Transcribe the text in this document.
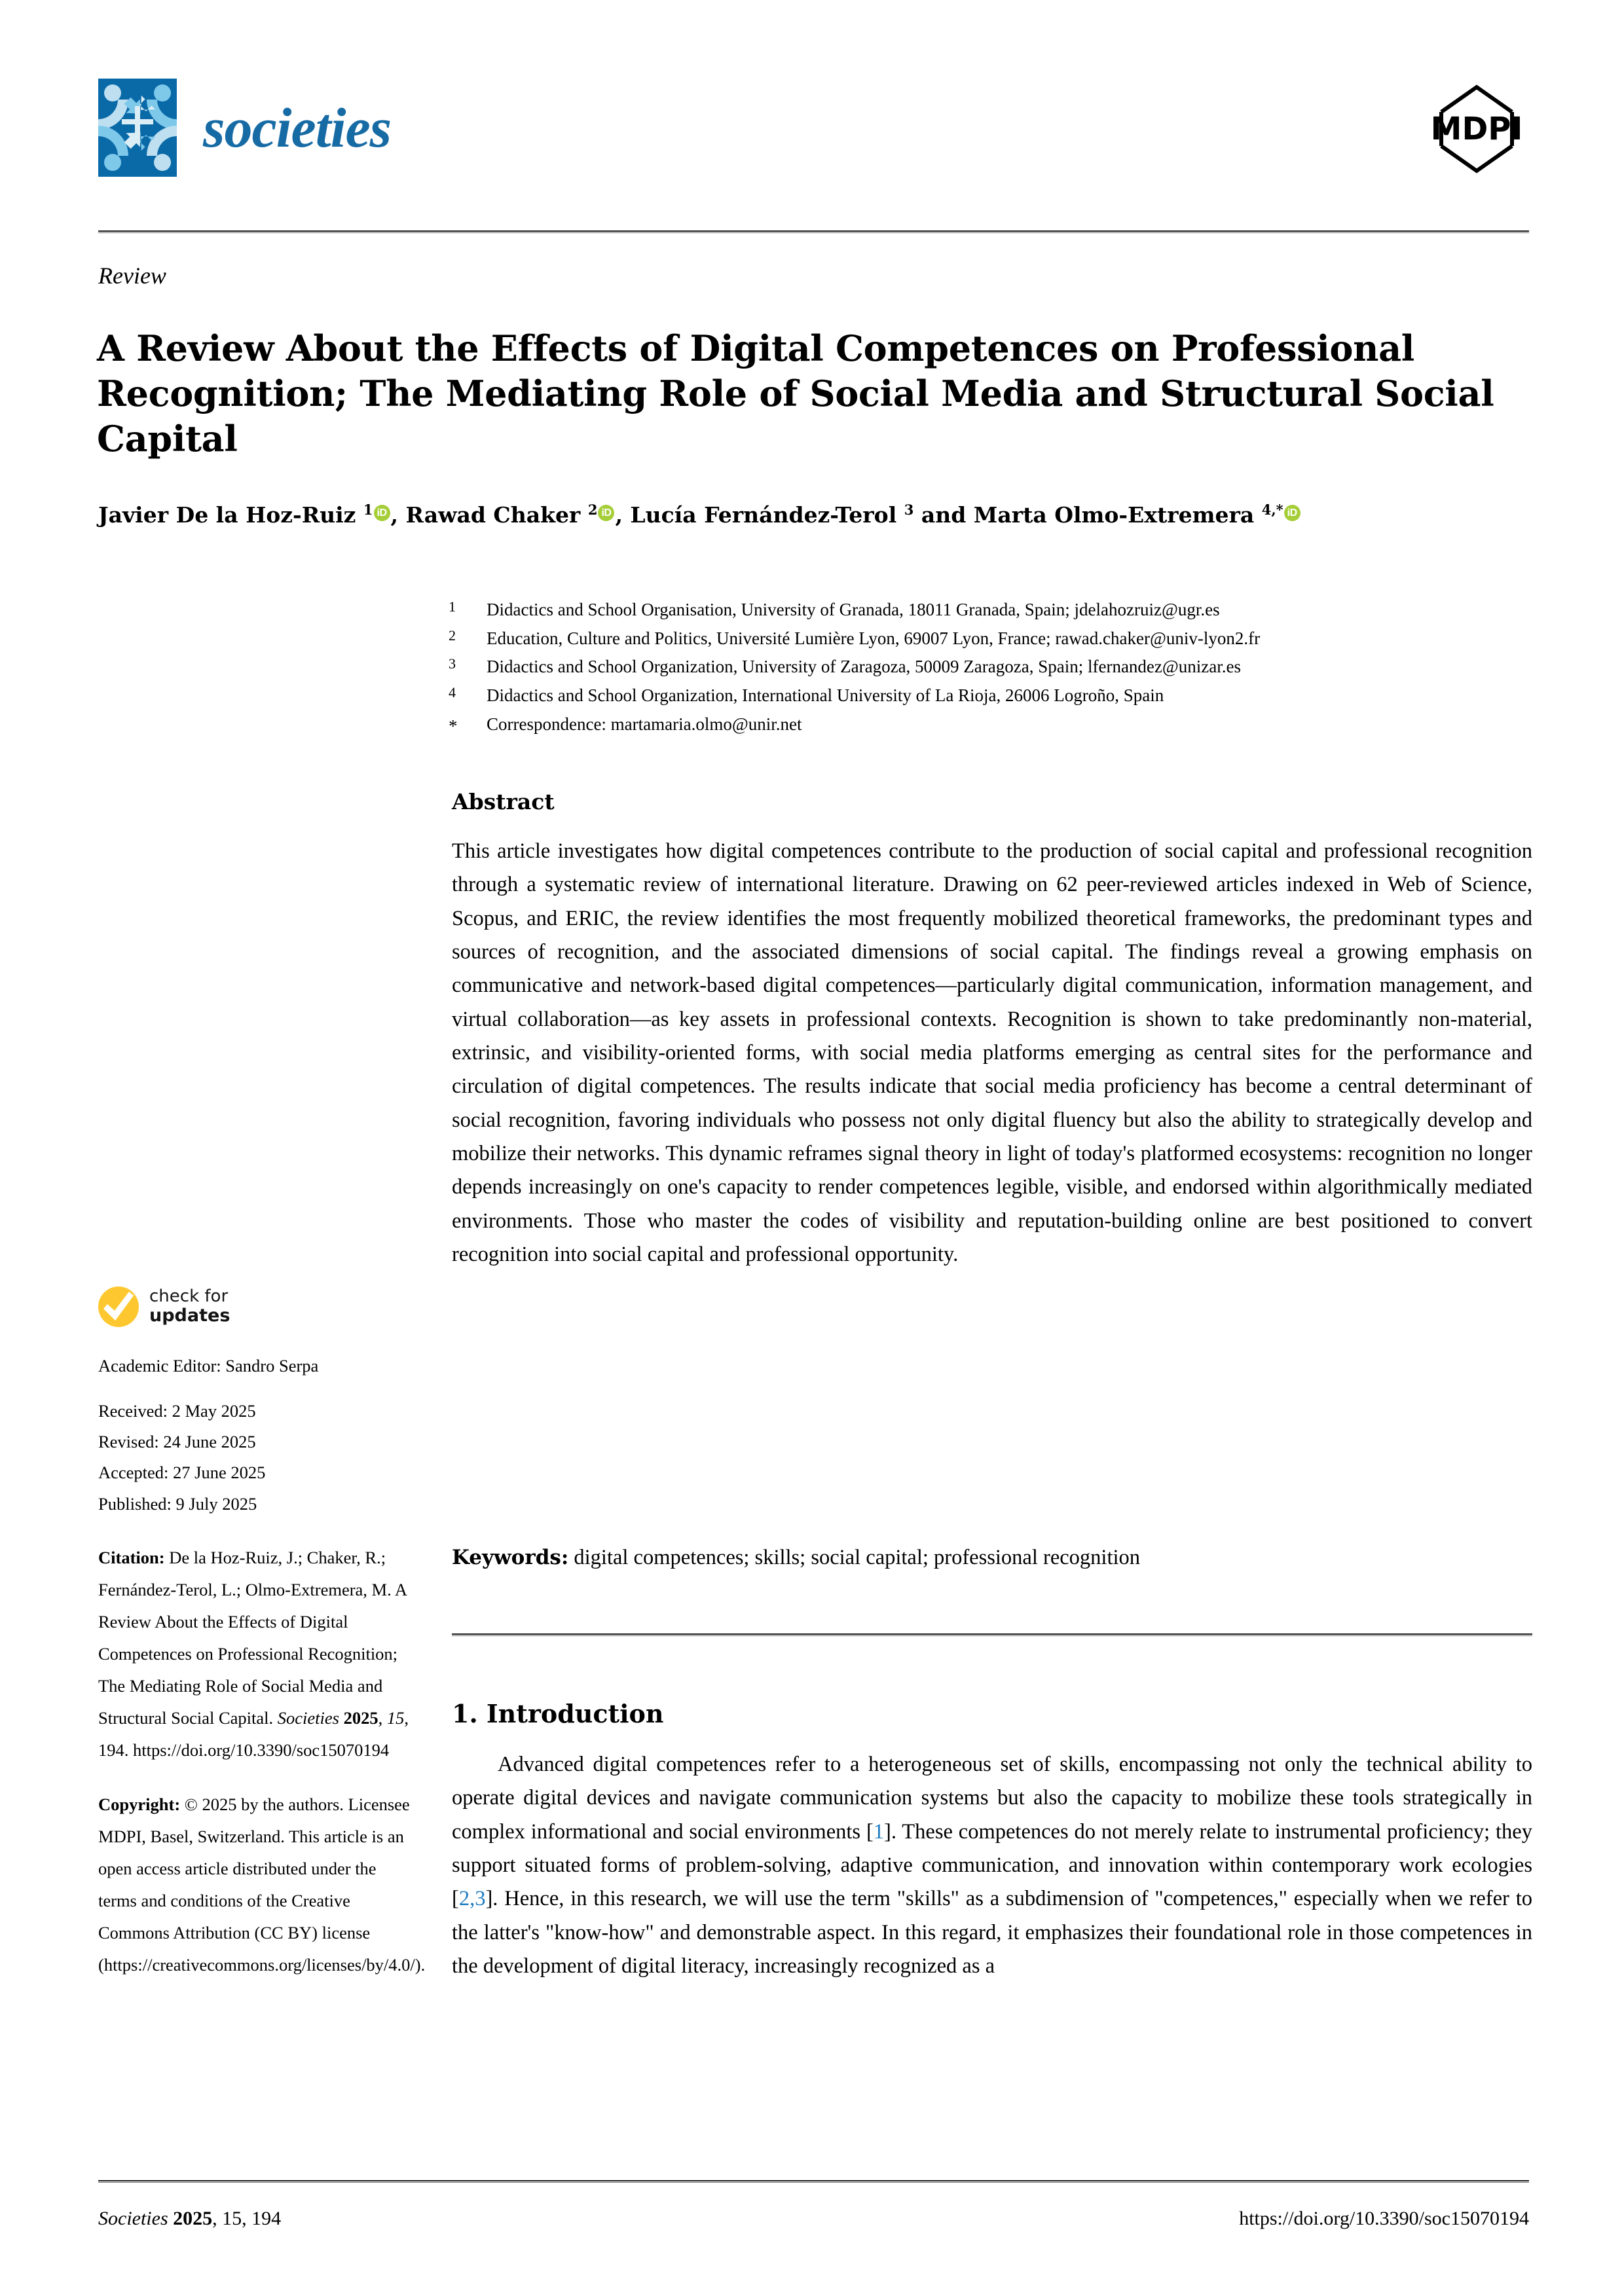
societies	MDPI
Review
A Review About the Effects of Digital Competences on Professional Recognition; The Mediating Role of Social Media and Structural Social Capital
Javier De la Hoz-Ruiz $^1$ iD , Rawad Chaker $^2$ iD , Lucía Fernández-Terol $^3$ and Marta Olmo-Extremera $^{4,*}$ iD
1	Didactics and School Organisation, University of Granada, 18011 Granada, Spain; jdelahozruiz@ugr.es
2	Education, Culture and Politics, Université Lumière Lyon, 69007 Lyon, France; rawad.chaker@univ-lyon2.fr
3	Didactics and School Organization, University of Zaragoza, 50009 Zaragoza, Spain; lfernandez@unizar.es
4	Didactics and School Organization, International University of La Rioja, 26006 Logroño, Spain
*	Correspondence: martamaria.olmo@unir.net
Abstract
This article investigates how digital competences contribute to the production of social capital and professional recognition through a systematic review of international literature. Drawing on 62 peer-reviewed articles indexed in Web of Science, Scopus, and ERIC, the review identifies the most frequently mobilized theoretical frameworks, the predominant types and sources of recognition, and the associated dimensions of social capital. The findings reveal a growing emphasis on communicative and network-based digital competences—particularly digital communication, information management, and virtual collaboration—as key assets in professional contexts. Recognition is shown to take predominantly non-material, extrinsic, and visibility-oriented forms, with social media platforms emerging as central sites for the performance and circulation of digital competences. The results indicate that social media proficiency has become a central determinant of social recognition, favoring individuals who possess not only digital fluency but also the ability to strategically develop and mobilize their networks. This dynamic reframes signal theory in light of today's platformed ecosystems: recognition no longer depends increasingly on one's capacity to render competences legible, visible, and endorsed within algorithmically mediated environments. Those who master the codes of visibility and reputation-building online are best positioned to convert recognition into social capital and professional opportunity.
Keywords: digital competences; skills; social capital; professional recognition
1. Introduction
Advanced digital competences refer to a heterogeneous set of skills, encompassing not only the technical ability to operate digital devices and navigate communication systems but also the capacity to mobilize these tools strategically in complex informational and social environments [1]. These competences do not merely relate to instrumental proficiency; they support situated forms of problem-solving, adaptive communication, and innovation within contemporary work ecologies [2,3]. Hence, in this research, we will use the term "skills" as a subdimension of "competences," especially when we refer to the latter's "know-how" and demonstrable aspect. In this regard, it emphasizes their foundational role in those competences in the development of digital literacy, increasingly recognized as a
check for
updates
Academic Editor: Sandro Serpa
Received: 2 May 2025
Revised: 24 June 2025
Accepted: 27 June 2025
Published: 9 July 2025
Citation: De la Hoz-Ruiz, J.; Chaker, R.; Fernández-Terol, L.; Olmo-Extremera, M. A Review About the Effects of Digital Competences on Professional Recognition; The Mediating Role of Social Media and Structural Social Capital. Societies 2025, 15, 194. https://doi.org/10.3390/soc15070194
Copyright: © 2025 by the authors. Licensee MDPI, Basel, Switzerland. This article is an open access article distributed under the terms and conditions of the Creative Commons Attribution (CC BY) license (https://creativecommons.org/licenses/by/4.0/).
Societies 2025, 15, 194	https://doi.org/10.3390/soc15070194
